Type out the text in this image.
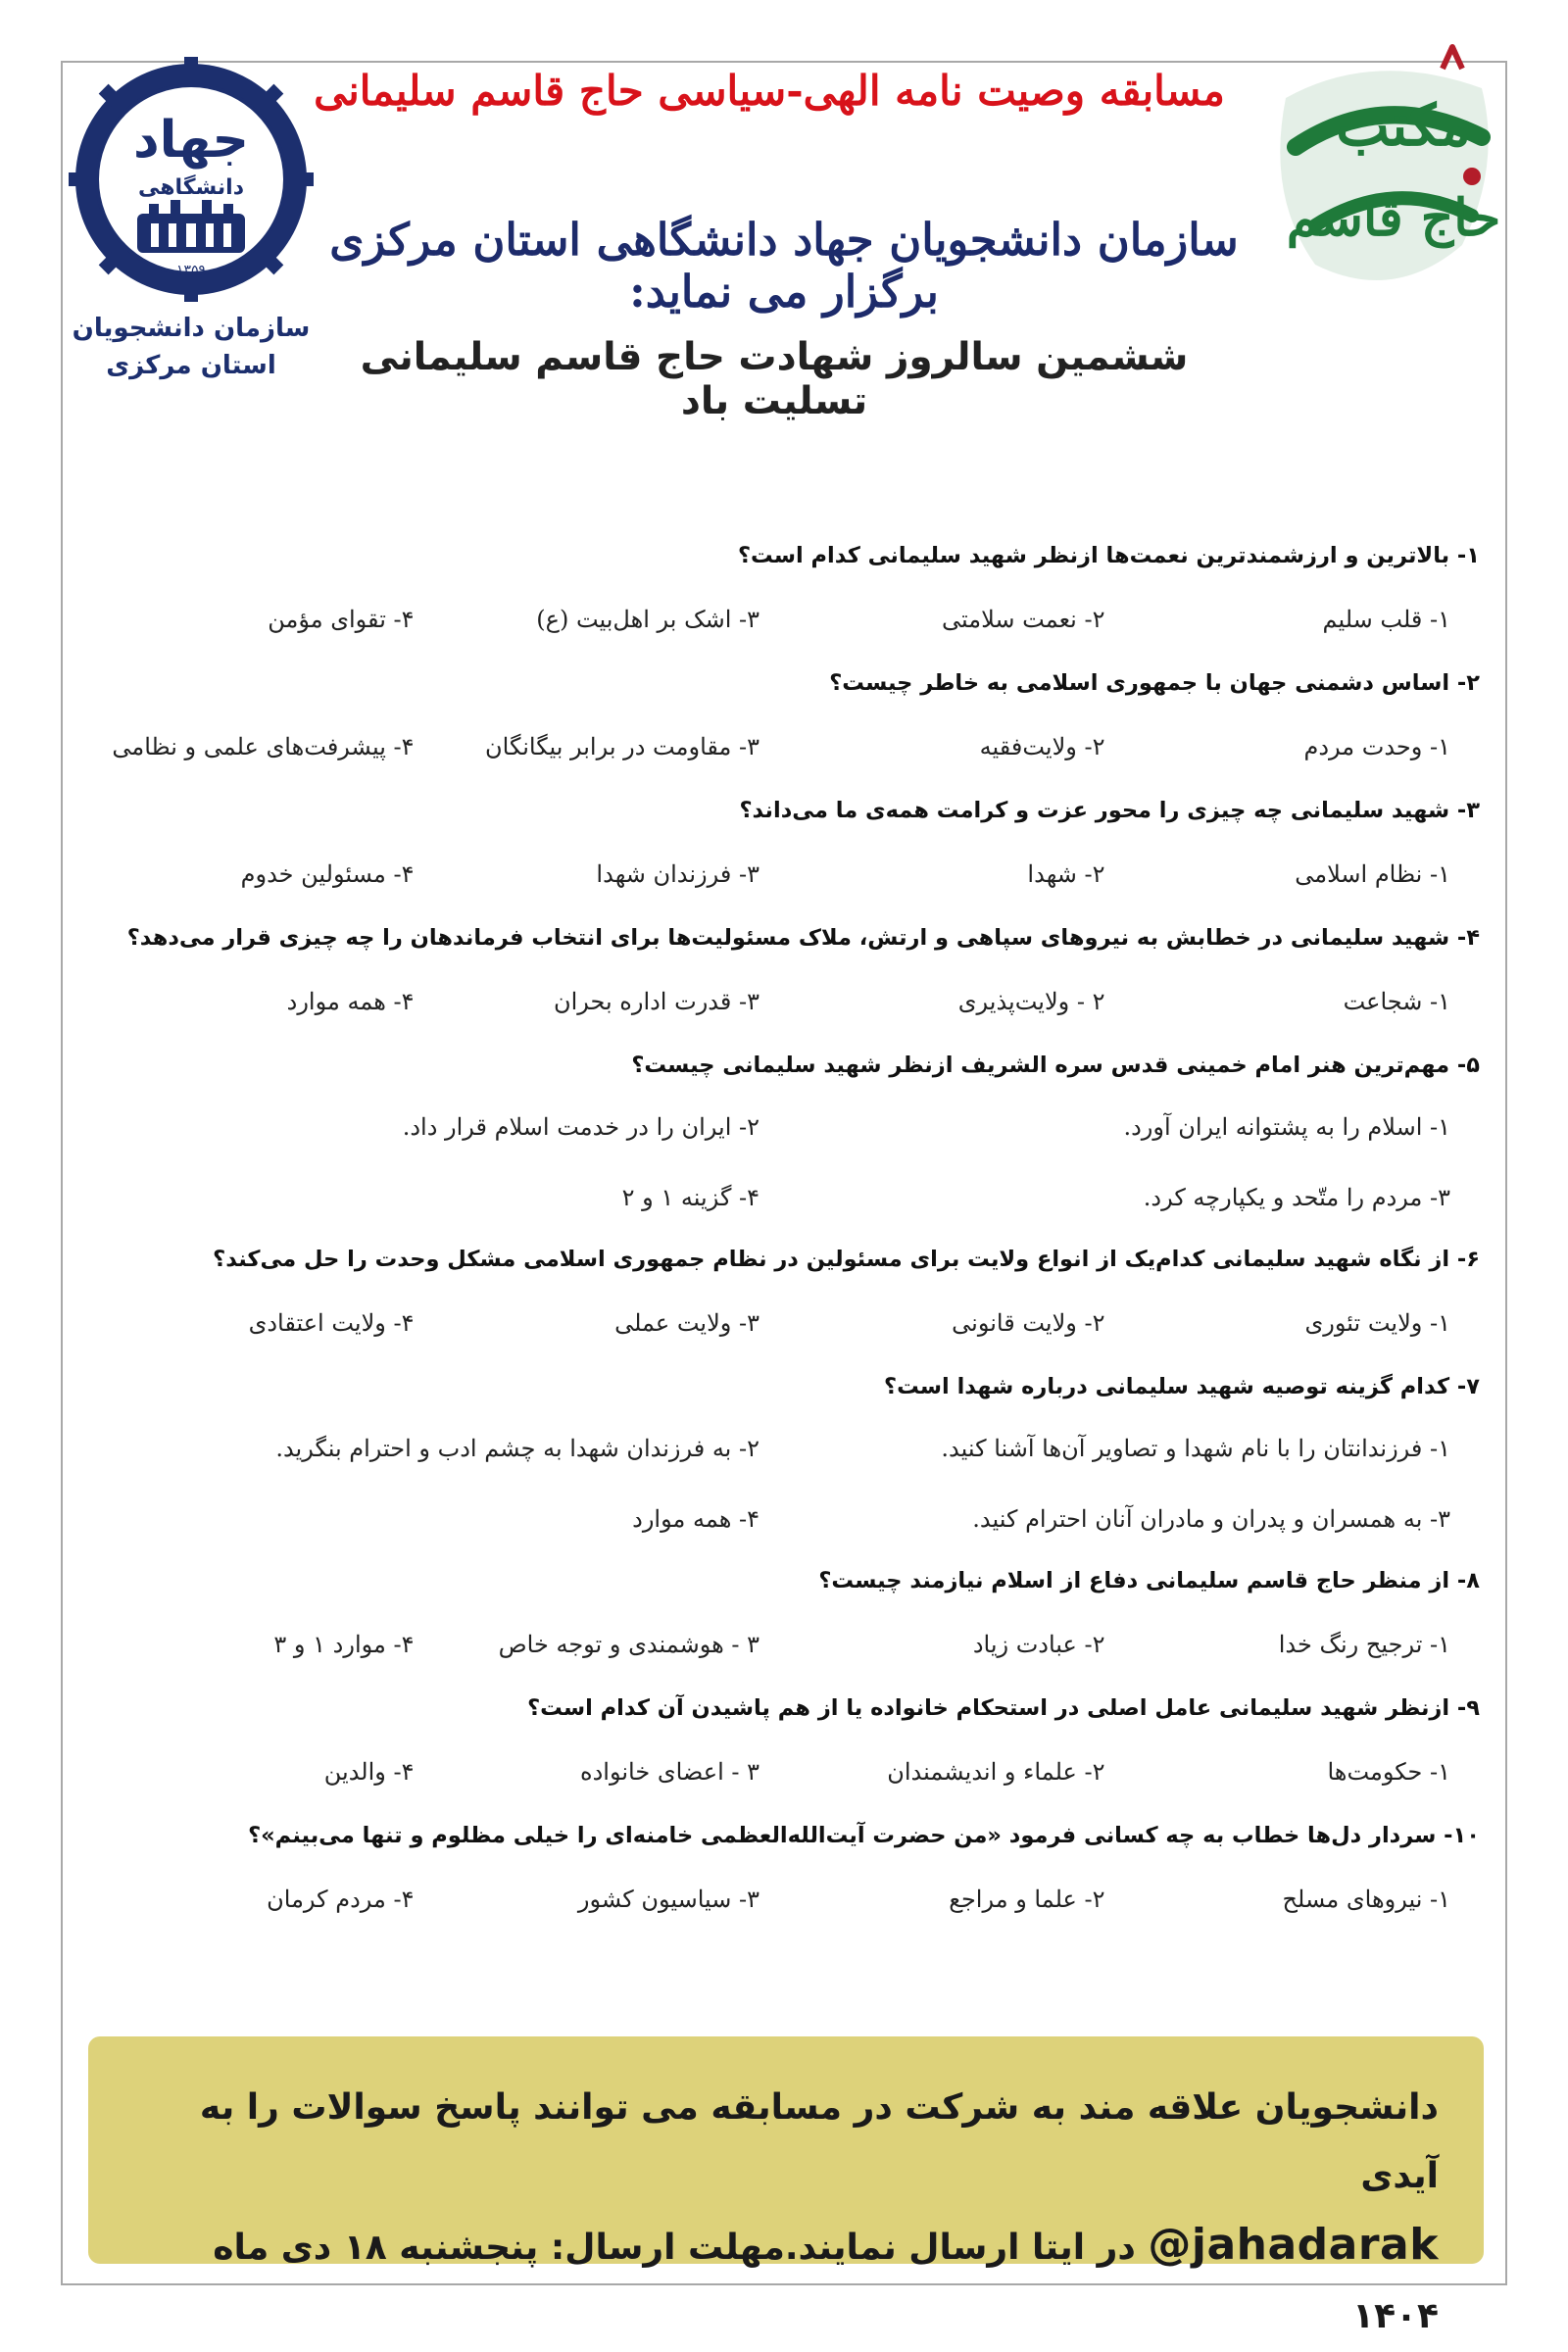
جهاد
دانشگاهی
۱۳۵۹
سازمان دانشجویان
استان مرکزی
مکتب
حاج قاسم
مسابقه وصیت نامه الهی-سیاسی حاج قاسم سلیمانی
سازمان دانشجویان جهاد دانشگاهی استان مرکزی برگزار می نماید:
ششمین سالروز شهادت حاج قاسم سلیمانی تسلیت باد
۱- بالاترین و ارزشمندترین نعمت‌ها ازنظر شهید سلیمانی کدام است؟
۱- قلب سلیم
۲- نعمت سلامتی
۳- اشک بر اهل‌بیت (ع)
۴- تقوای مؤمن
۲- اساس دشمنی جهان با جمهوری اسلامی به خاطر چیست؟
۱- وحدت مردم
۲- ولایت‌فقیه
۳- مقاومت در برابر بیگانگان
۴- پیشرفت‌های علمی و نظامی
۳- شهید سلیمانی چه چیزی را محور عزت و کرامت همه‌ی ما می‌داند؟
۱- نظام اسلامی
۲- شهدا
۳- فرزندان شهدا
۴- مسئولین خدوم
۴- شهید سلیمانی در خطابش به نیروهای سپاهی و ارتش، ملاک مسئولیت‌ها برای انتخاب فرماندهان را چه چیزی قرار می‌دهد؟
۱- شجاعت
۲ - ولایت‌پذیری
۳- قدرت اداره بحران
۴- همه موارد
۵- مهم‌ترین هنر امام خمینی قدس سره الشریف ازنظر شهید سلیمانی چیست؟
۱- اسلام را به پشتوانه ایران آورد.
۲- ایران را در خدمت اسلام قرار داد.
۳- مردم را متّحد و یکپارچه کرد.
۴- گزینه ۱ و ۲
۶- از نگاه شهید سلیمانی کدام‌یک از انواع ولایت برای مسئولین در نظام جمهوری اسلامی مشکل وحدت را حل می‌کند؟
۱- ولایت تئوری
۲- ولایت قانونی
۳- ولایت عملی
۴- ولایت اعتقادی
۷- کدام گزینه توصیه شهید سلیمانی درباره شهدا است؟
۱- فرزندانتان را با نام شهدا و تصاویر آن‌ها آشنا کنید.
۲- به فرزندان شهدا به چشم ادب و احترام بنگرید.
۳- به همسران و پدران و مادران آنان احترام کنید.
۴- همه موارد
۸- از منظر حاج قاسم سلیمانی دفاع از اسلام نیازمند چیست؟
۱- ترجیح رنگ خدا
۲- عبادت زیاد
۳ - هوشمندی و توجه خاص
۴- موارد ۱ و ۳
۹- ازنظر شهید سلیمانی عامل اصلی در استحکام خانواده یا از هم پاشیدن آن کدام است؟
۱- حکومت‌ها
۲- علماء و اندیشمندان
۳ - اعضای خانواده
۴- والدین
۱۰- سردار دل‌ها خطاب به چه کسانی فرمود «من حضرت آیت‌الله‌العظمی خامنه‌ای را خیلی مظلوم و تنها می‌بینم»؟
۱- نیروهای مسلح
۲- علما و مراجع
۳- سیاسیون کشور
۴- مردم کرمان
دانشجویان علاقه مند به شرکت در مسابقه می توانند پاسخ سوالات را به آیدی
@jahadarak در ایتا ارسال نمایند.مهلت ارسال: پنجشنبه ۱۸ دی ماه ۱۴۰۴
